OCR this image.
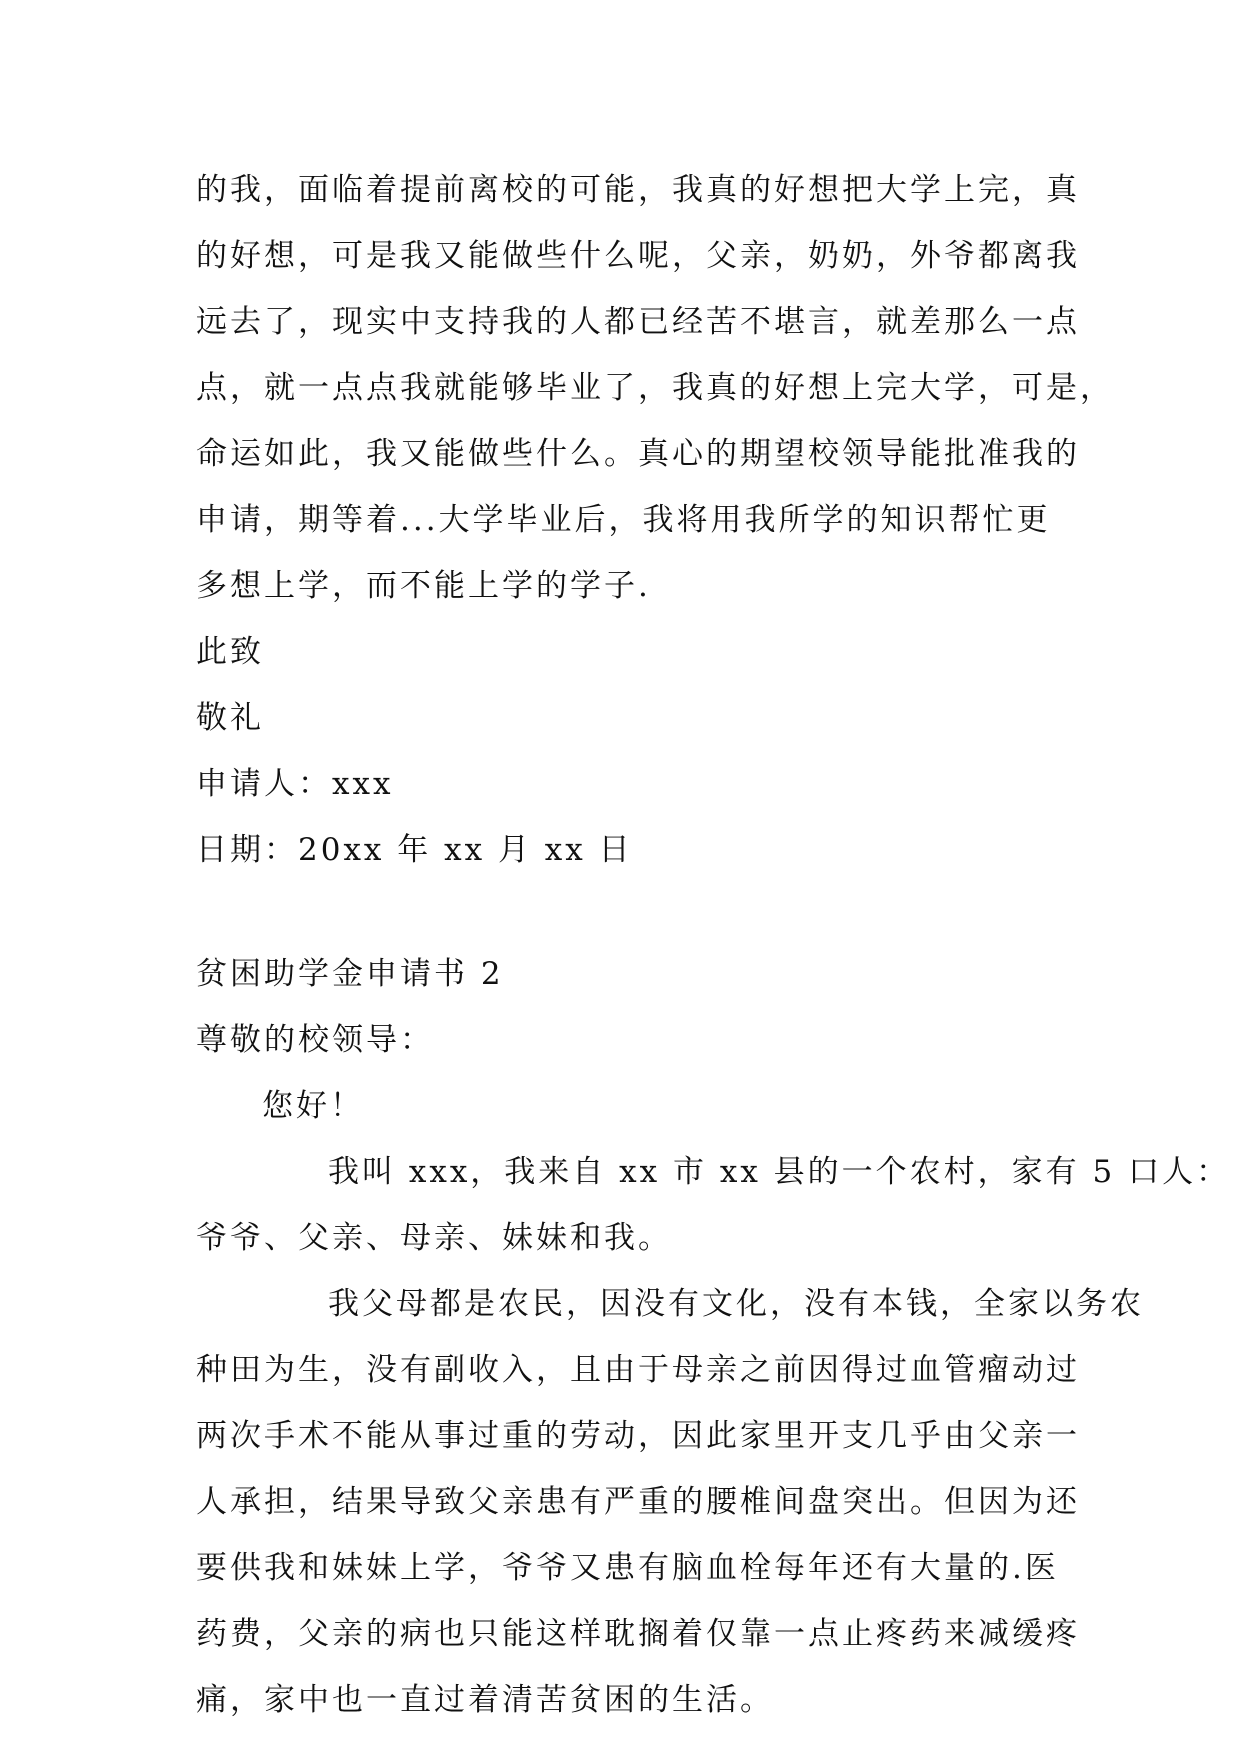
的我，面临着提前离校的可能，我真的好想把大学上完，真
的好想，可是我又能做些什么呢，父亲，奶奶，外爷都离我
远去了，现实中支持我的人都已经苦不堪言，就差那么一点
点，就一点点我就能够毕业了，我真的好想上完大学，可是，
命运如此，我又能做些什么。真心的期望校领导能批准我的
申请，期等着...大学毕业后，我将用我所学的知识帮忙更
多想上学，而不能上学的学子.
此致
敬礼
申请人：xxx
日期：20xx 年 xx 月 xx 日
贫困助学金申请书 2
尊敬的校领导：
您好！
我叫 xxx，我来自 xx 市 xx 县的一个农村，家有 5 口人：
爷爷、父亲、母亲、妹妹和我。
我父母都是农民，因没有文化，没有本钱，全家以务农
种田为生，没有副收入，且由于母亲之前因得过血管瘤动过
两次手术不能从事过重的劳动，因此家里开支几乎由父亲一
人承担，结果导致父亲患有严重的腰椎间盘突出。但因为还
要供我和妹妹上学，爷爷又患有脑血栓每年还有大量的.医
药费，父亲的病也只能这样耽搁着仅靠一点止疼药来减缓疼
痛，家中也一直过着清苦贫困的生活。
